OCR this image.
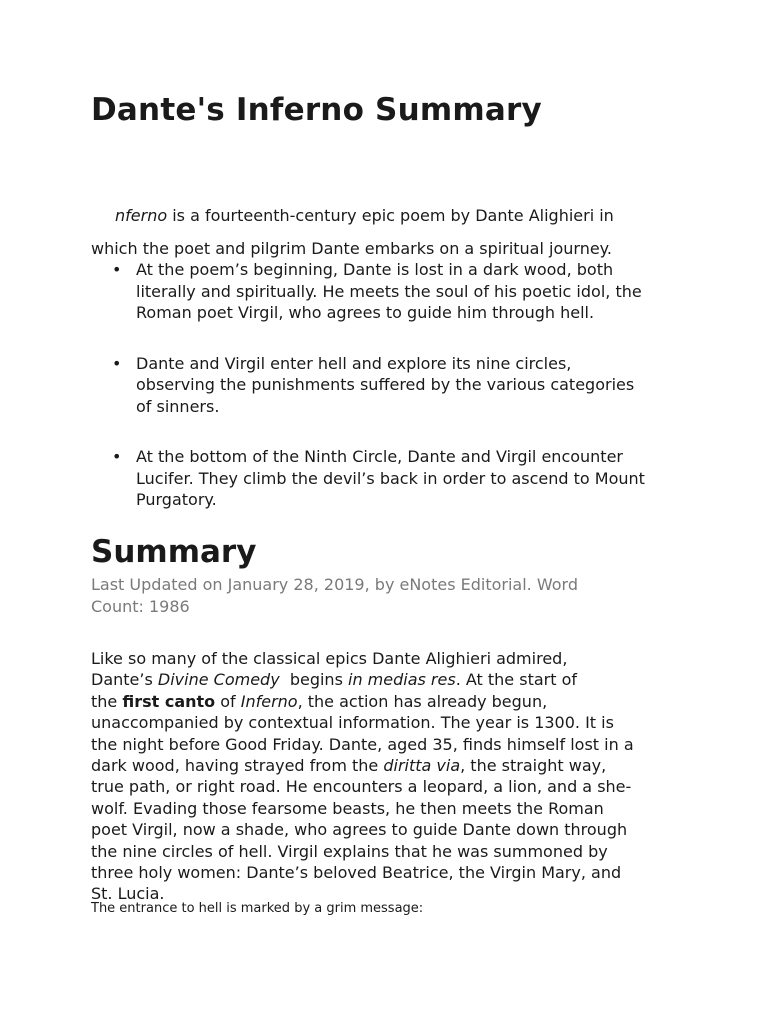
Dante's Inferno Summary
nferno is a fourteenth-century epic poem by Dante Alighieri in
which the poet and pilgrim Dante embarks on a spiritual journey.
• At the poem’s beginning, Dante is lost in a dark wood, both
literally and spiritually. He meets the soul of his poetic idol, the
Roman poet Virgil, who agrees to guide him through hell.
• Dante and Virgil enter hell and explore its nine circles,
observing the punishments suffered by the various categories
of sinners.
• At the bottom of the Ninth Circle, Dante and Virgil encounter
Lucifer. They climb the devil’s back in order to ascend to Mount
Purgatory.
Summary
Last Updated on January 28, 2019, by eNotes Editorial. Word
Count: 1986
Like so many of the classical epics Dante Alighieri admired,
Dante’s Divine Comedy  begins in medias res. At the start of
the first canto of Inferno, the action has already begun,
unaccompanied by contextual information. The year is 1300. It is
the night before Good Friday. Dante, aged 35, finds himself lost in a
dark wood, having strayed from the diritta via, the straight way,
true path, or right road. He encounters a leopard, a lion, and a she-
wolf. Evading those fearsome beasts, he then meets the Roman
poet Virgil, now a shade, who agrees to guide Dante down through
the nine circles of hell. Virgil explains that he was summoned by
three holy women: Dante’s beloved Beatrice, the Virgin Mary, and
St. Lucia.
The entrance to hell is marked by a grim message:
